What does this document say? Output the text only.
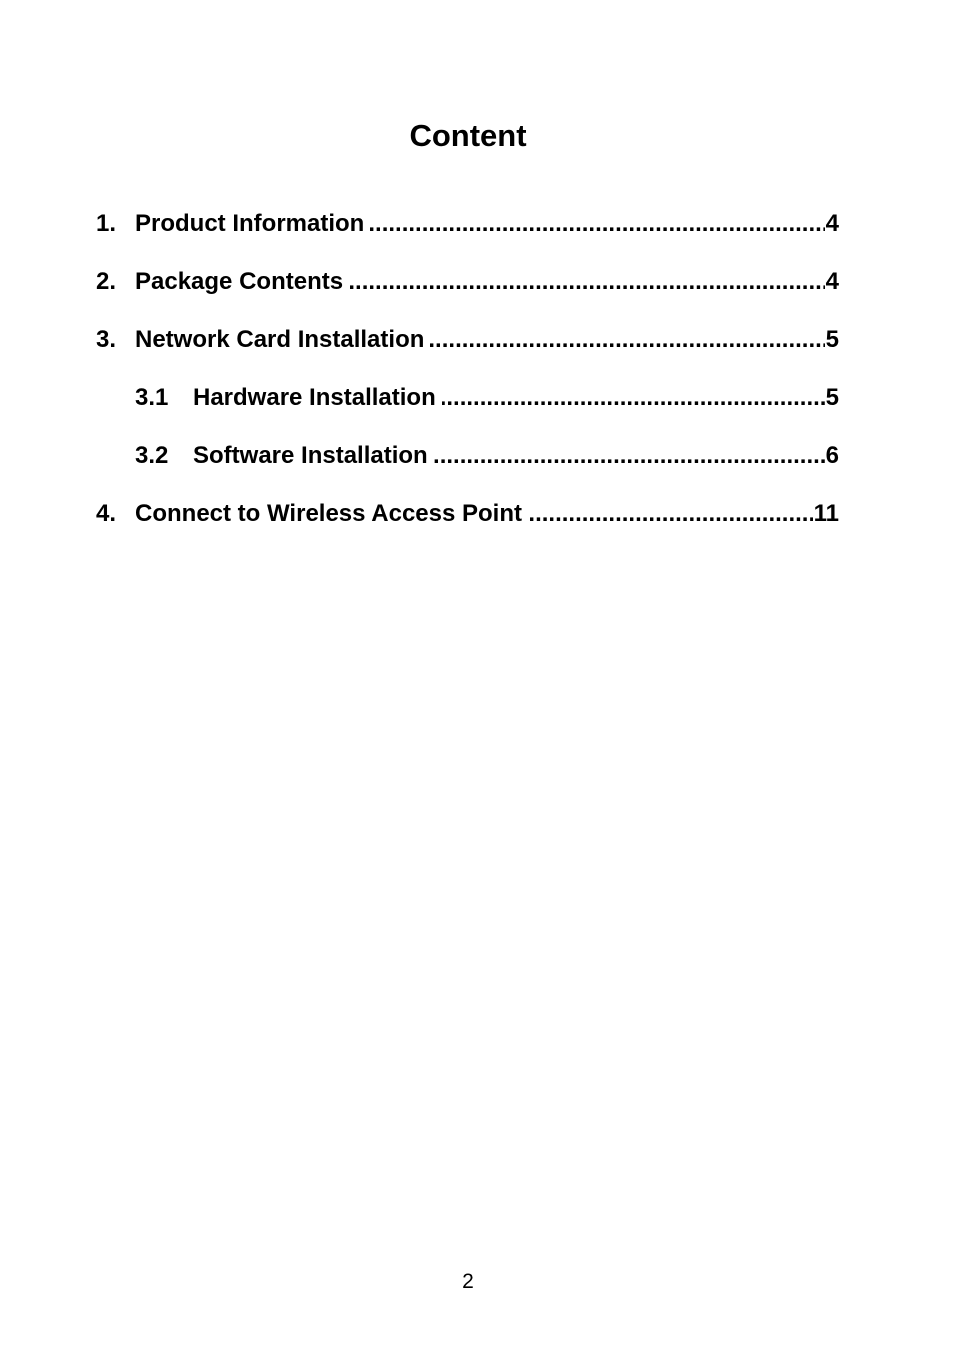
Content
1. Product Information .....	4
2. Package Contents .....	4
3. Network Card Installation .....	5
3.1 Hardware Installation .....	5
3.2 Software Installation .....	6
4. Connect to Wireless Access Point .....	11
2
